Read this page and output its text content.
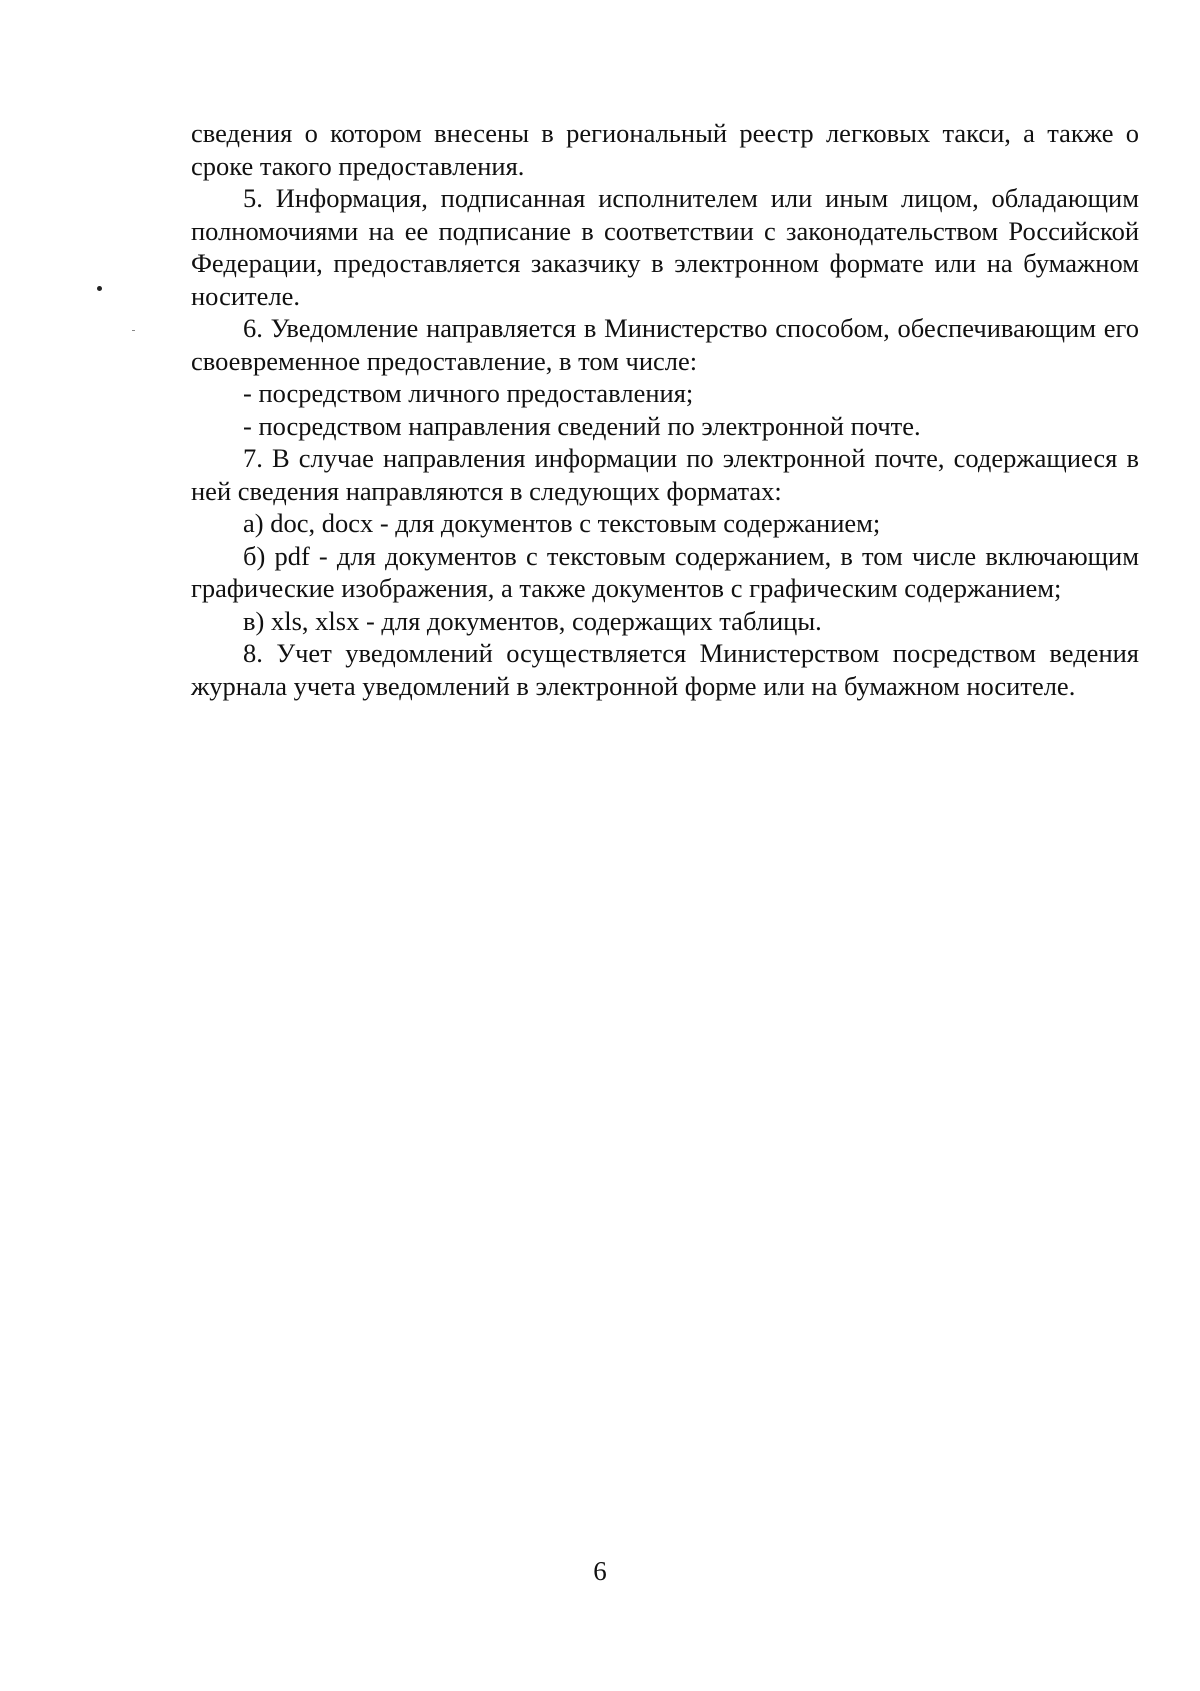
сведения о котором внесены в региональный реестр легковых такси, а также о сроке такого предоставления.

5. Информация, подписанная исполнителем или иным лицом, обладающим полномочиями на ее подписание в соответствии с законодательством Российской Федерации, предоставляется заказчику в электронном формате или на бумажном носителе.

6. Уведомление направляется в Министерство способом, обеспечивающим его своевременное предоставление, в том числе:

- посредством личного предоставления;

- посредством направления сведений по электронной почте.

7. В случае направления информации по электронной почте, содержащиеся в ней сведения направляются в следующих форматах:

а) doc, docx - для документов с текстовым содержанием;

б) pdf - для документов с текстовым содержанием, в том числе включающим графические изображения, а также документов с графическим содержанием;

в) xls, xlsx - для документов, содержащих таблицы.

8. Учет уведомлений осуществляется Министерством посредством ведения журнала учета уведомлений в электронной форме или на бумажном носителе.

6
